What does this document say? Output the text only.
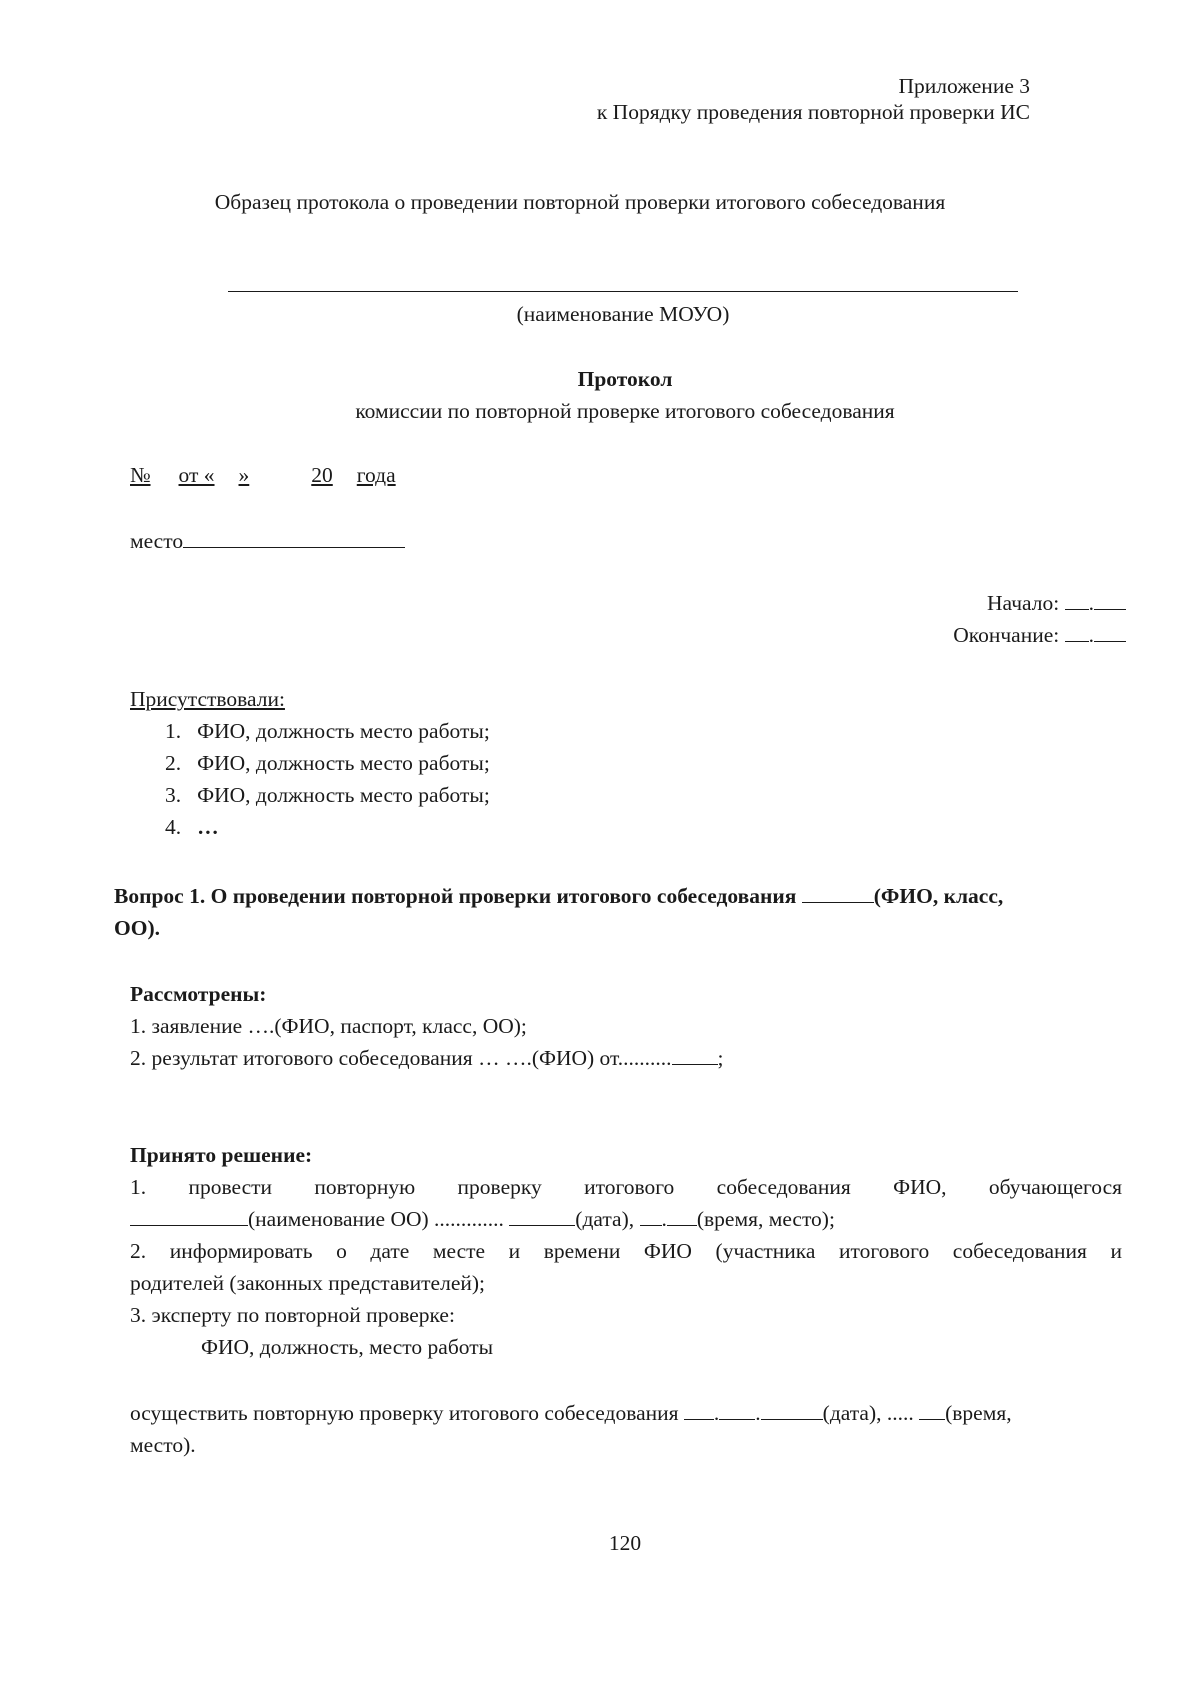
Приложение 3
к Порядку проведения повторной проверки ИС
Образец протокола о проведении повторной проверки итогового собеседования
(наименование МОУО)
Протокол
комиссии по повторной проверке итогового собеседования
№ от « »	20 года
место
Начало: .
Окончание: .
Присутствовали:
1. ФИО, должность место работы;
2. ФИО, должность место работы;
3. ФИО, должность место работы;
4. …
Вопрос 1. О проведении повторной проверки итогового собеседования	(ФИО, класс,
ОО).
Рассмотрены:
1. заявление ….(ФИО, паспорт, класс, ОО);
2. результат итогового собеседования … ….(ФИО) от.......... ;
Принято решение:
1. провести повторную проверку итогового собеседования ФИО, обучающегося
(наименование ОО) .............	(дата), . (время, место);
2. информировать о дате месте и времени ФИО (участника итогового собеседования и
родителей (законных представителей);
3. эксперту по повторной проверке:
ФИО, должность, место работы
осуществить повторную проверку итогового собеседования . .	(дата), ..... (время,
место).
120
